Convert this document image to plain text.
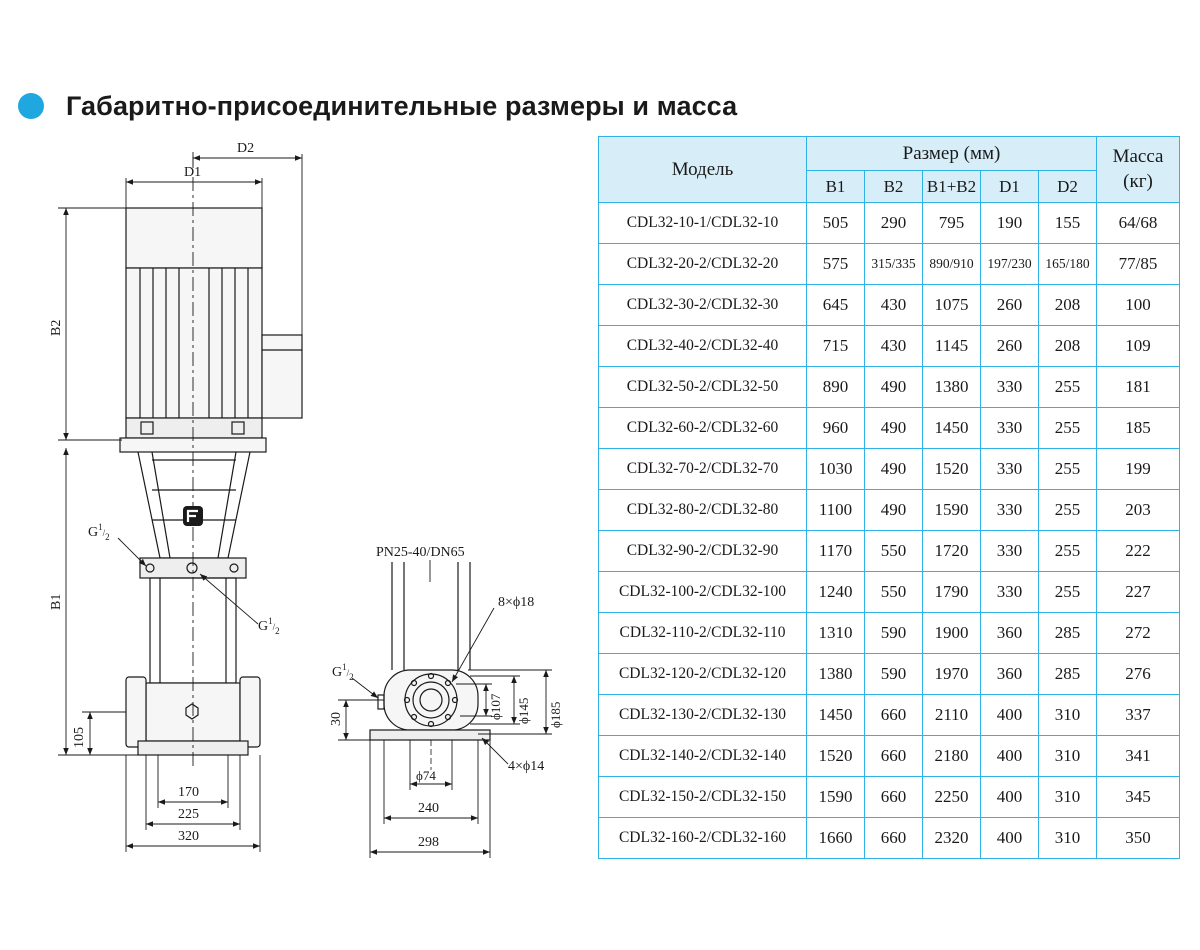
Габаритно-присоединительные размеры и масса
D2
D1
B2
B1
105
170
225
320
$G^1_{/2}$
$G^1_{/2}$
PN25-40/DN65
8×ϕ18
$G^1_{/2}$
30	ϕ107 ϕ145 ϕ185
ϕ74
4×ϕ14
240
298
Модель	Размер (мм)					Масса (кг)
	B1	B2	B1+B2	D1	D2	
CDL32-10-1/CDL32-10	505	290	795	190	155	64/68
CDL32-20-2/CDL32-20	575	315/335	890/910	197/230	165/180	77/85
CDL32-30-2/CDL32-30	645	430	1075	260	208	100
CDL32-40-2/CDL32-40	715	430	1145	260	208	109
CDL32-50-2/CDL32-50	890	490	1380	330	255	181
CDL32-60-2/CDL32-60	960	490	1450	330	255	185
CDL32-70-2/CDL32-70	1030	490	1520	330	255	199
CDL32-80-2/CDL32-80	1100	490	1590	330	255	203
CDL32-90-2/CDL32-90	1170	550	1720	330	255	222
CDL32-100-2/CDL32-100	1240	550	1790	330	255	227
CDL32-110-2/CDL32-110	1310	590	1900	360	285	272
CDL32-120-2/CDL32-120	1380	590	1970	360	285	276
CDL32-130-2/CDL32-130	1450	660	2110	400	310	337
CDL32-140-2/CDL32-140	1520	660	2180	400	310	341
CDL32-150-2/CDL32-150	1590	660	2250	400	310	345
CDL32-160-2/CDL32-160	1660	660	2320	400	310	350
